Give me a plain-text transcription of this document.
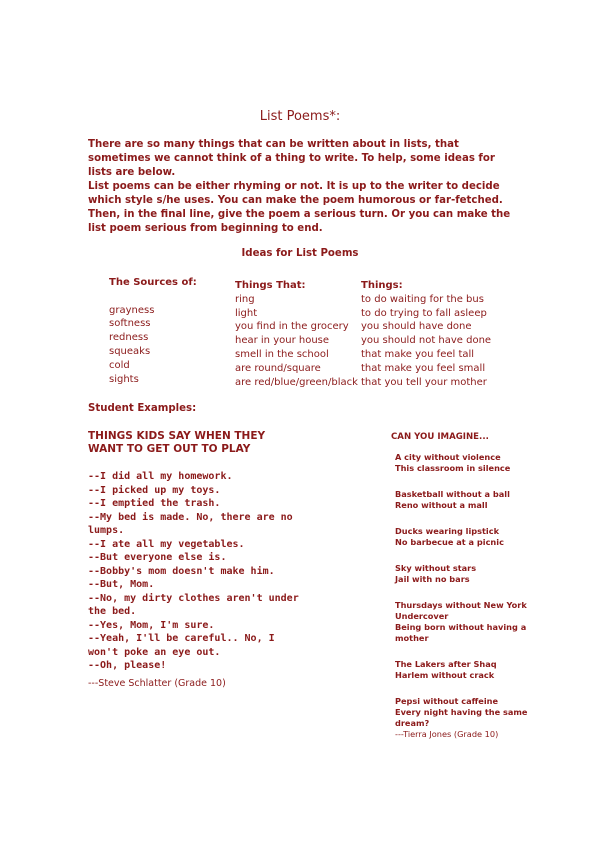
List Poems*:
There are so many things that can be written about in lists, that sometimes we cannot think of a thing to write. To help, some ideas for lists are below.
List poems can be either rhyming or not. It is up to the writer to decide which style s/he uses. You can make the poem humorous or far-fetched. Then, in the final line, give the poem a serious turn. Or you can make the list poem serious from beginning to end.
Ideas for List Poems
The Sources of:
grayness
softness
redness
squeaks
cold
sights
Things That:
ring
light
you find in the grocery
hear in your house
smell in the school
are round/square
are red/blue/green/black
Things:
to do waiting for the bus
to do trying to fall asleep
you should have done
you should not have done
that make you feel tall
that make you feel small
that you tell your mother
Student Examples:
THINGS KIDS SAY WHEN THEY WANT TO GET OUT TO PLAY
--I did all my homework.
--I picked up my toys.
--I emptied the trash.
--My bed is made. No, there are no lumps.
--I ate all my vegetables.
--But everyone else is.
--Bobby's mom doesn't make him.
--But, Mom.
--No, my dirty clothes aren't under the bed.
--Yes, Mom, I'm sure.
--Yeah, I'll be careful.. No, I won't poke an eye out.
--Oh, please!
---Steve Schlatter (Grade 10)
CAN YOU IMAGINE...
A city without violence
This classroom in silence
Basketball without a ball
Reno without a mall
Ducks wearing lipstick
No barbecue at a picnic
Sky without stars
Jail with no bars
Thursdays without New York
Undercover
Being born without having a mother
The Lakers after Shaq
Harlem without crack
Pepsi without caffeine
Every night having the same dream?
---Tierra Jones (Grade 10)
